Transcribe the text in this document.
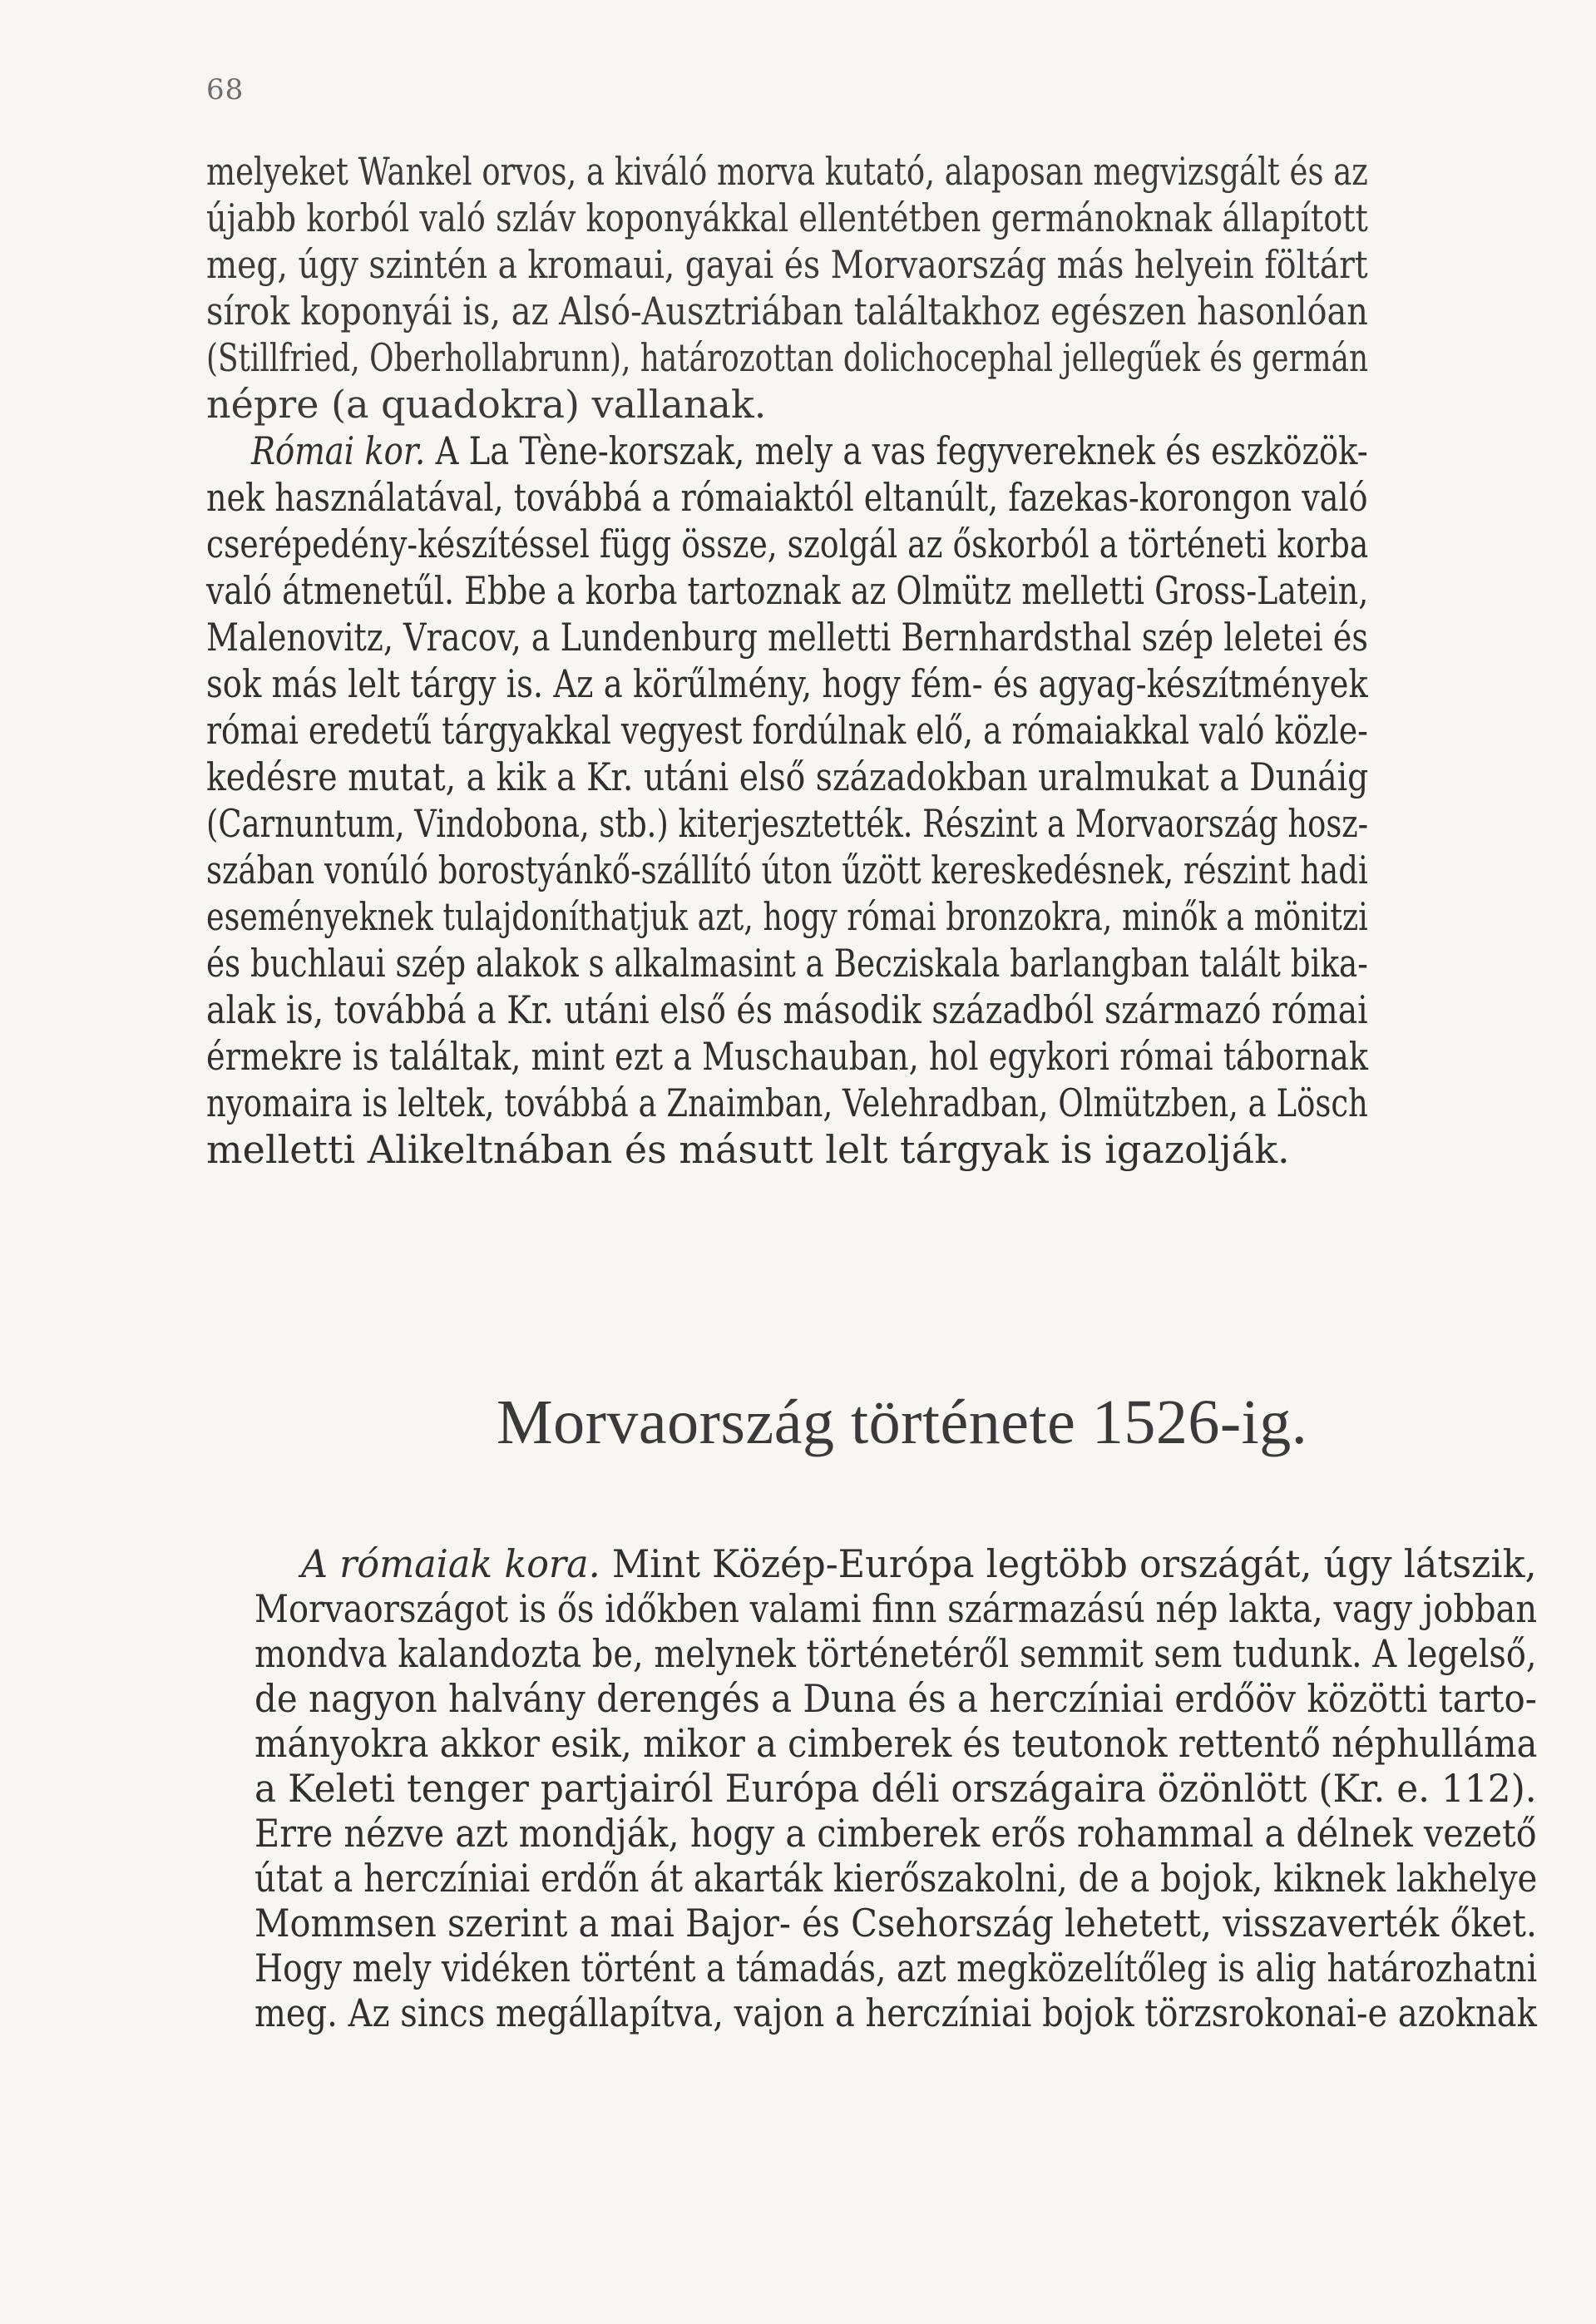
68
melyeket Wankel orvos, a kiváló morva kutató, alaposan megvizsgált és az
újabb korból való szláv koponyákkal ellentétben germánoknak állapított
meg, úgy szintén a kromaui, gayai és Morvaország más helyein föltárt
sírok koponyái is, az Alsó-Ausztriában találtakhoz egészen hasonlóan
(Stillfried, Oberhollabrunn), határozottan dolichocephal jellegűek és germán
népre (a quadokra) vallanak.
Római kor. A La Tène-korszak, mely a vas fegyvereknek és eszközök-
nek használatával, továbbá a rómaiaktól eltanúlt, fazekas-korongon való
cserépedény-készítéssel függ össze, szolgál az őskorból a történeti korba
való átmenetűl. Ebbe a korba tartoznak az Olmütz melletti Gross-Latein,
Malenovitz, Vracov, a Lundenburg melletti Bernhardsthal szép leletei és
sok más lelt tárgy is. Az a körűlmény, hogy fém- és agyag-készítmények
római eredetű tárgyakkal vegyest fordúlnak elő, a rómaiakkal való közle-
kedésre mutat, a kik a Kr. utáni első századokban uralmukat a Dunáig
(Carnuntum, Vindobona, stb.) kiterjesztették. Részint a Morvaország hosz-
szában vonúló borostyánkő-szállító úton űzött kereskedésnek, részint hadi
eseményeknek tulajdoníthatjuk azt, hogy római bronzokra, minők a mönitzi
és buchlaui szép alakok s alkalmasint a Becziskala barlangban talált bika-
alak is, továbbá a Kr. utáni első és második századból származó római
érmekre is találtak, mint ezt a Muschauban, hol egykori római tábornak
nyomaira is leltek, továbbá a Znaimban, Velehradban, Olmützben, a Lösch
melletti Alikeltnában és másutt lelt tárgyak is igazolják.
Morvaország története 1526-ig.
A rómaiak kora. Mint Közép-Európa legtöbb országát, úgy látszik,
Morvaországot is ős időkben valami finn származású nép lakta, vagy jobban
mondva kalandozta be, melynek történetéről semmit sem tudunk. A legelső,
de nagyon halvány derengés a Duna és a herczíniai erdőöv közötti tarto-
mányokra akkor esik, mikor a cimberek és teutonok rettentő néphulláma
a Keleti tenger partjairól Európa déli országaira özönlött (Kr. e. 112).
Erre nézve azt mondják, hogy a cimberek erős rohammal a délnek vezető
útat a herczíniai erdőn át akarták kierőszakolni, de a bojok, kiknek lakhelye
Mommsen szerint a mai Bajor- és Csehország lehetett, visszaverték őket.
Hogy mely vidéken történt a támadás, azt megközelítőleg is alig határozhatni
meg. Az sincs megállapítva, vajon a herczíniai bojok törzsrokonai-e azoknak
